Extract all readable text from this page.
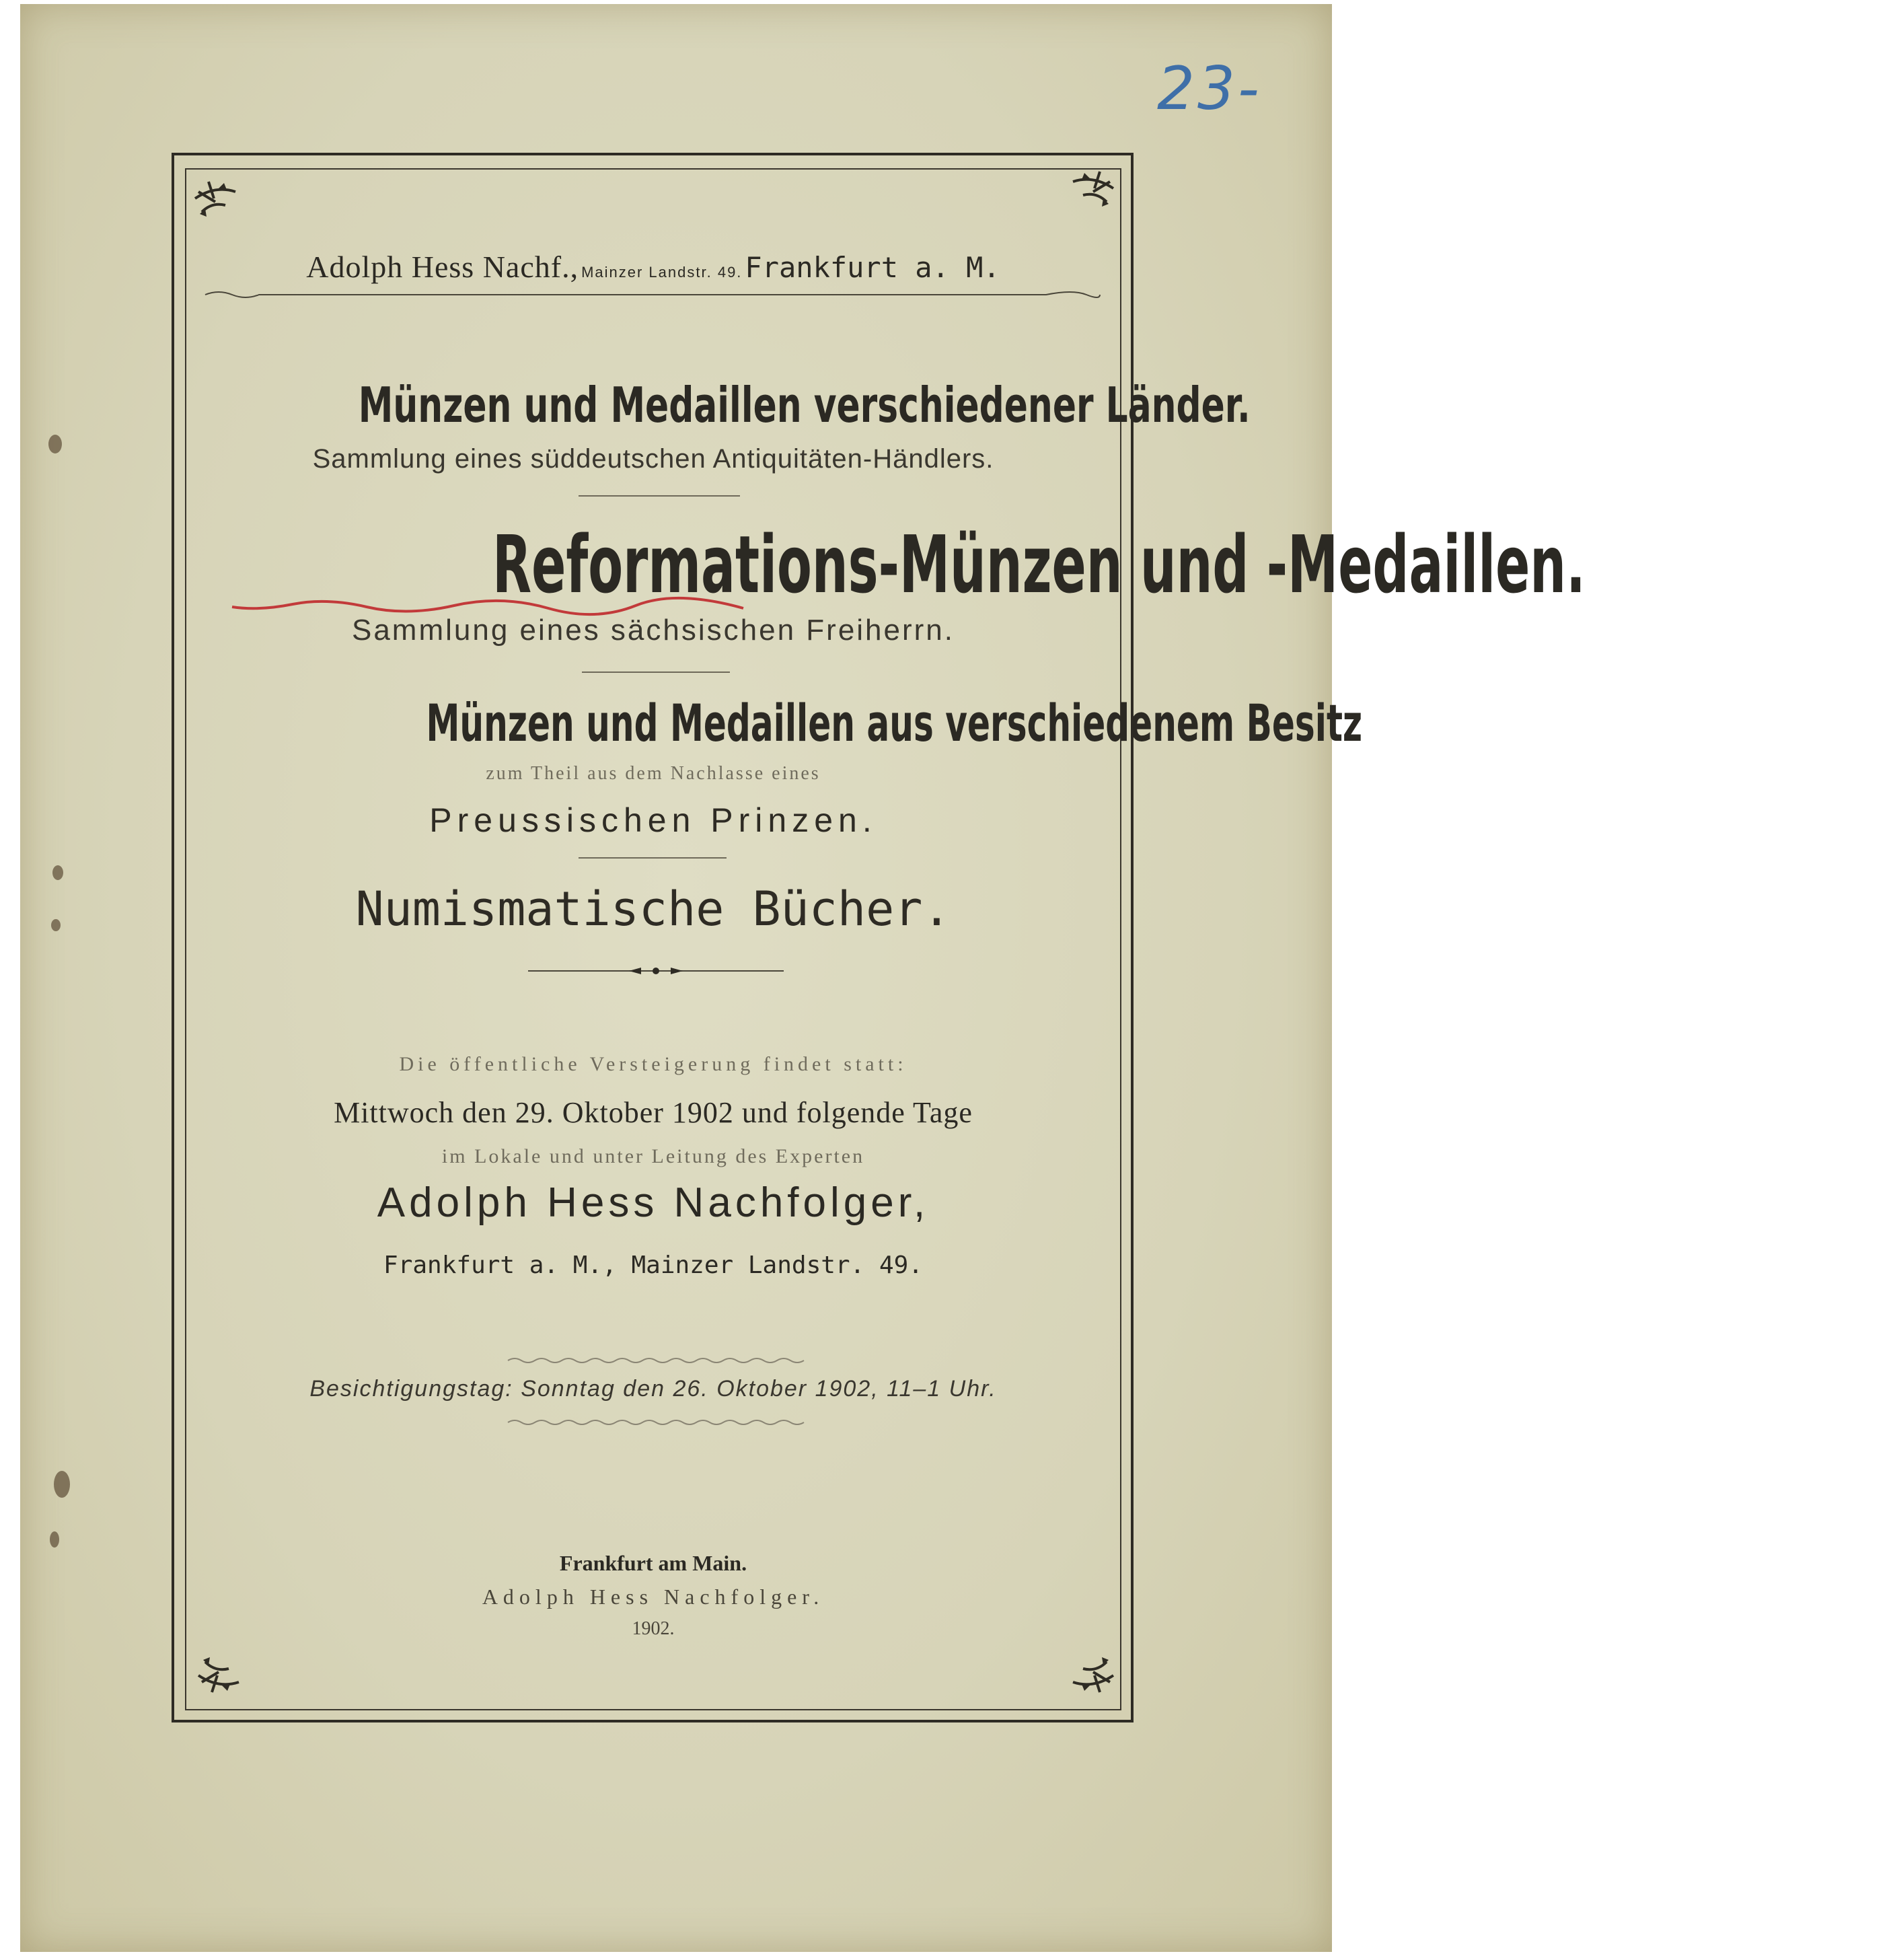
23-
Adolph Hess Nachf., Mainzer Landstr. 49. Frankfurt a. M.
Münzen und Medaillen verschiedener Länder.
Sammlung eines süddeutschen Antiquitäten-Händlers.
Reformations-Münzen und -Medaillen.
Sammlung eines sächsischen Freiherrn.
Münzen und Medaillen aus verschiedenem Besitz
zum Theil aus dem Nachlasse eines
Preussischen Prinzen.
Numismatische Bücher.
Die öffentliche Versteigerung findet statt:
Mittwoch den 29. Oktober 1902 und folgende Tage
im Lokale und unter Leitung des Experten
Adolph Hess Nachfolger,
Frankfurt a. M., Mainzer Landstr. 49.
Besichtigungstag: Sonntag den 26. Oktober 1902, 11–1 Uhr.
Frankfurt am Main.
Adolph Hess Nachfolger.
1902.
